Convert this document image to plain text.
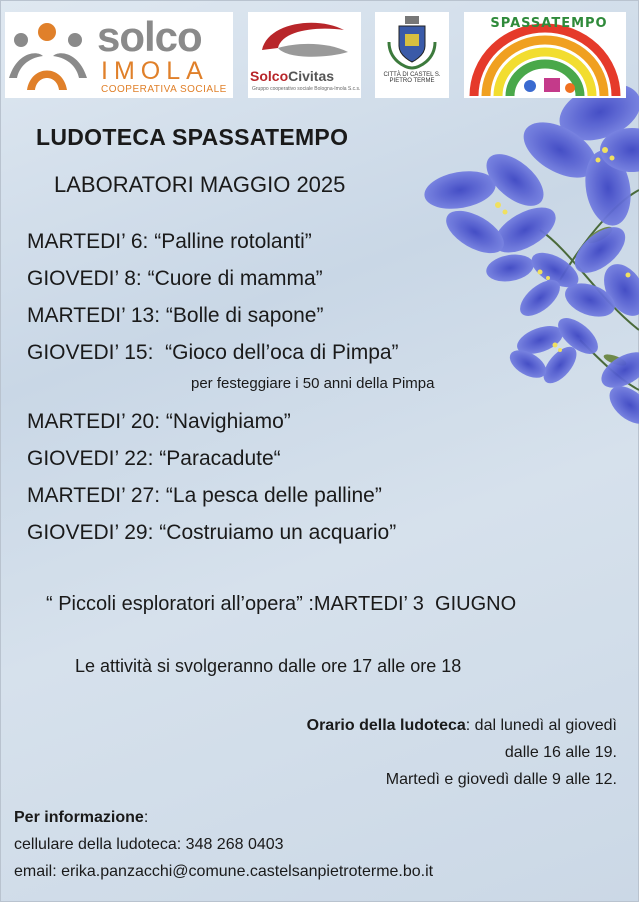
solco
IMOLA
COOPERATIVA SOCIALE
SolcoCivitas
Gruppo cooperativo sociale Bologna-Imola S.c.s.
CITTÀ DI CASTEL S. PIETRO TERME
SPASSATEMPO
LUDOTECA SPASSATEMPO
LABORATORI MAGGIO 2025
MARTEDI’ 6: “Palline rotolanti”
GIOVEDI’ 8: “Cuore di mamma”
MARTEDI’ 13: “Bolle di sapone”
GIOVEDI’ 15:  “Gioco dell’oca di Pimpa”
MARTEDI’ 20: “Navighiamo”
GIOVEDI’ 22: “Paracadute“
MARTEDI’ 27: “La pesca delle palline”
GIOVEDI’ 29: “Costruiamo un acquario”
per festeggiare i 50 anni della Pimpa
“ Piccoli esploratori all’opera” :MARTEDI’ 3  GIUGNO
Le attività si svolgeranno dalle ore 17 alle ore 18
Orario della ludoteca: dal lunedì al giovedì
dalle 16 alle 19.
Martedì e giovedì dalle 9 alle 12.
Per informazione:
cellulare della ludoteca: 348 268 0403
email: erika.panzacchi@comune.castelsanpietroterme.bo.it
